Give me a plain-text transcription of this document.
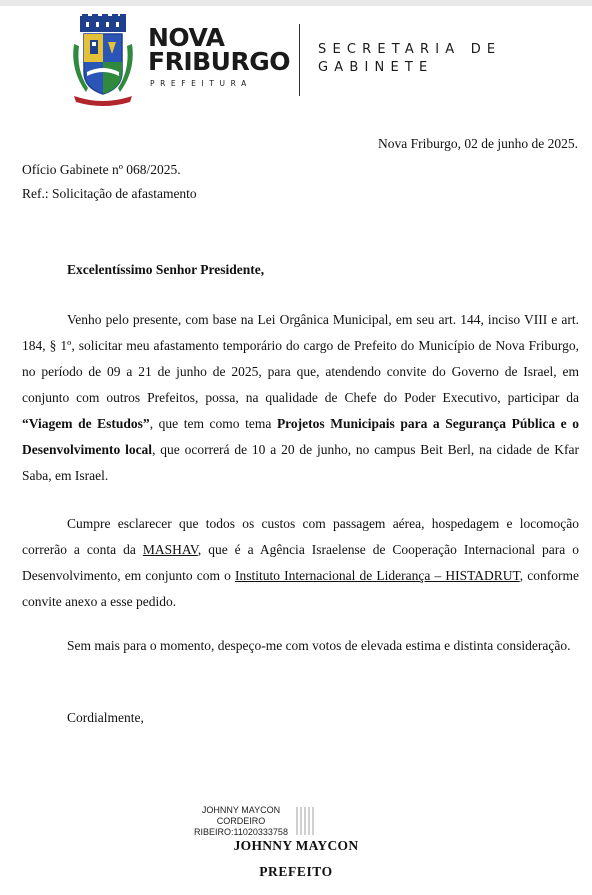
NOVA
FRIBURGO
PREFEITURA
SECRETARIA DE
GABINETE
Nova Friburgo, 02 de junho de 2025.
Ofício Gabinete nº 068/2025.
Ref.: Solicitação de afastamento
Excelentíssimo Senhor Presidente,
Venho pelo presente, com base na Lei Orgânica Municipal, em seu art. 144, inciso VIII e art. 184, § 1º, solicitar meu afastamento temporário do cargo de Prefeito do Município de Nova Friburgo, no período de 09 a 21 de junho de 2025, para que, atendendo convite do Governo de Israel, em conjunto com outros Prefeitos, possa, na qualidade de Chefe do Poder Executivo, participar da “Viagem de Estudos”, que tem como tema Projetos Municipais para a Segurança Pública e o Desenvolvimento local, que ocorrerá de 10 a 20 de junho, no campus Beit Berl, na cidade de Kfar Saba, em Israel.
Cumpre esclarecer que todos os custos com passagem aérea, hospedagem e locomoção correrão a conta da MASHAV, que é a Agência Israelense de Cooperação Internacional para o Desenvolvimento, em conjunto com o Instituto Internacional de Liderança – HISTADRUT, conforme convite anexo a esse pedido.
Sem mais para o momento, despeço-me com votos de elevada estima e distinta consideração.
Cordialmente,
JOHNNY MAYCON
CORDEIRO
RIBEIRO:11020333758
JOHNNY MAYCON
PREFEITO
